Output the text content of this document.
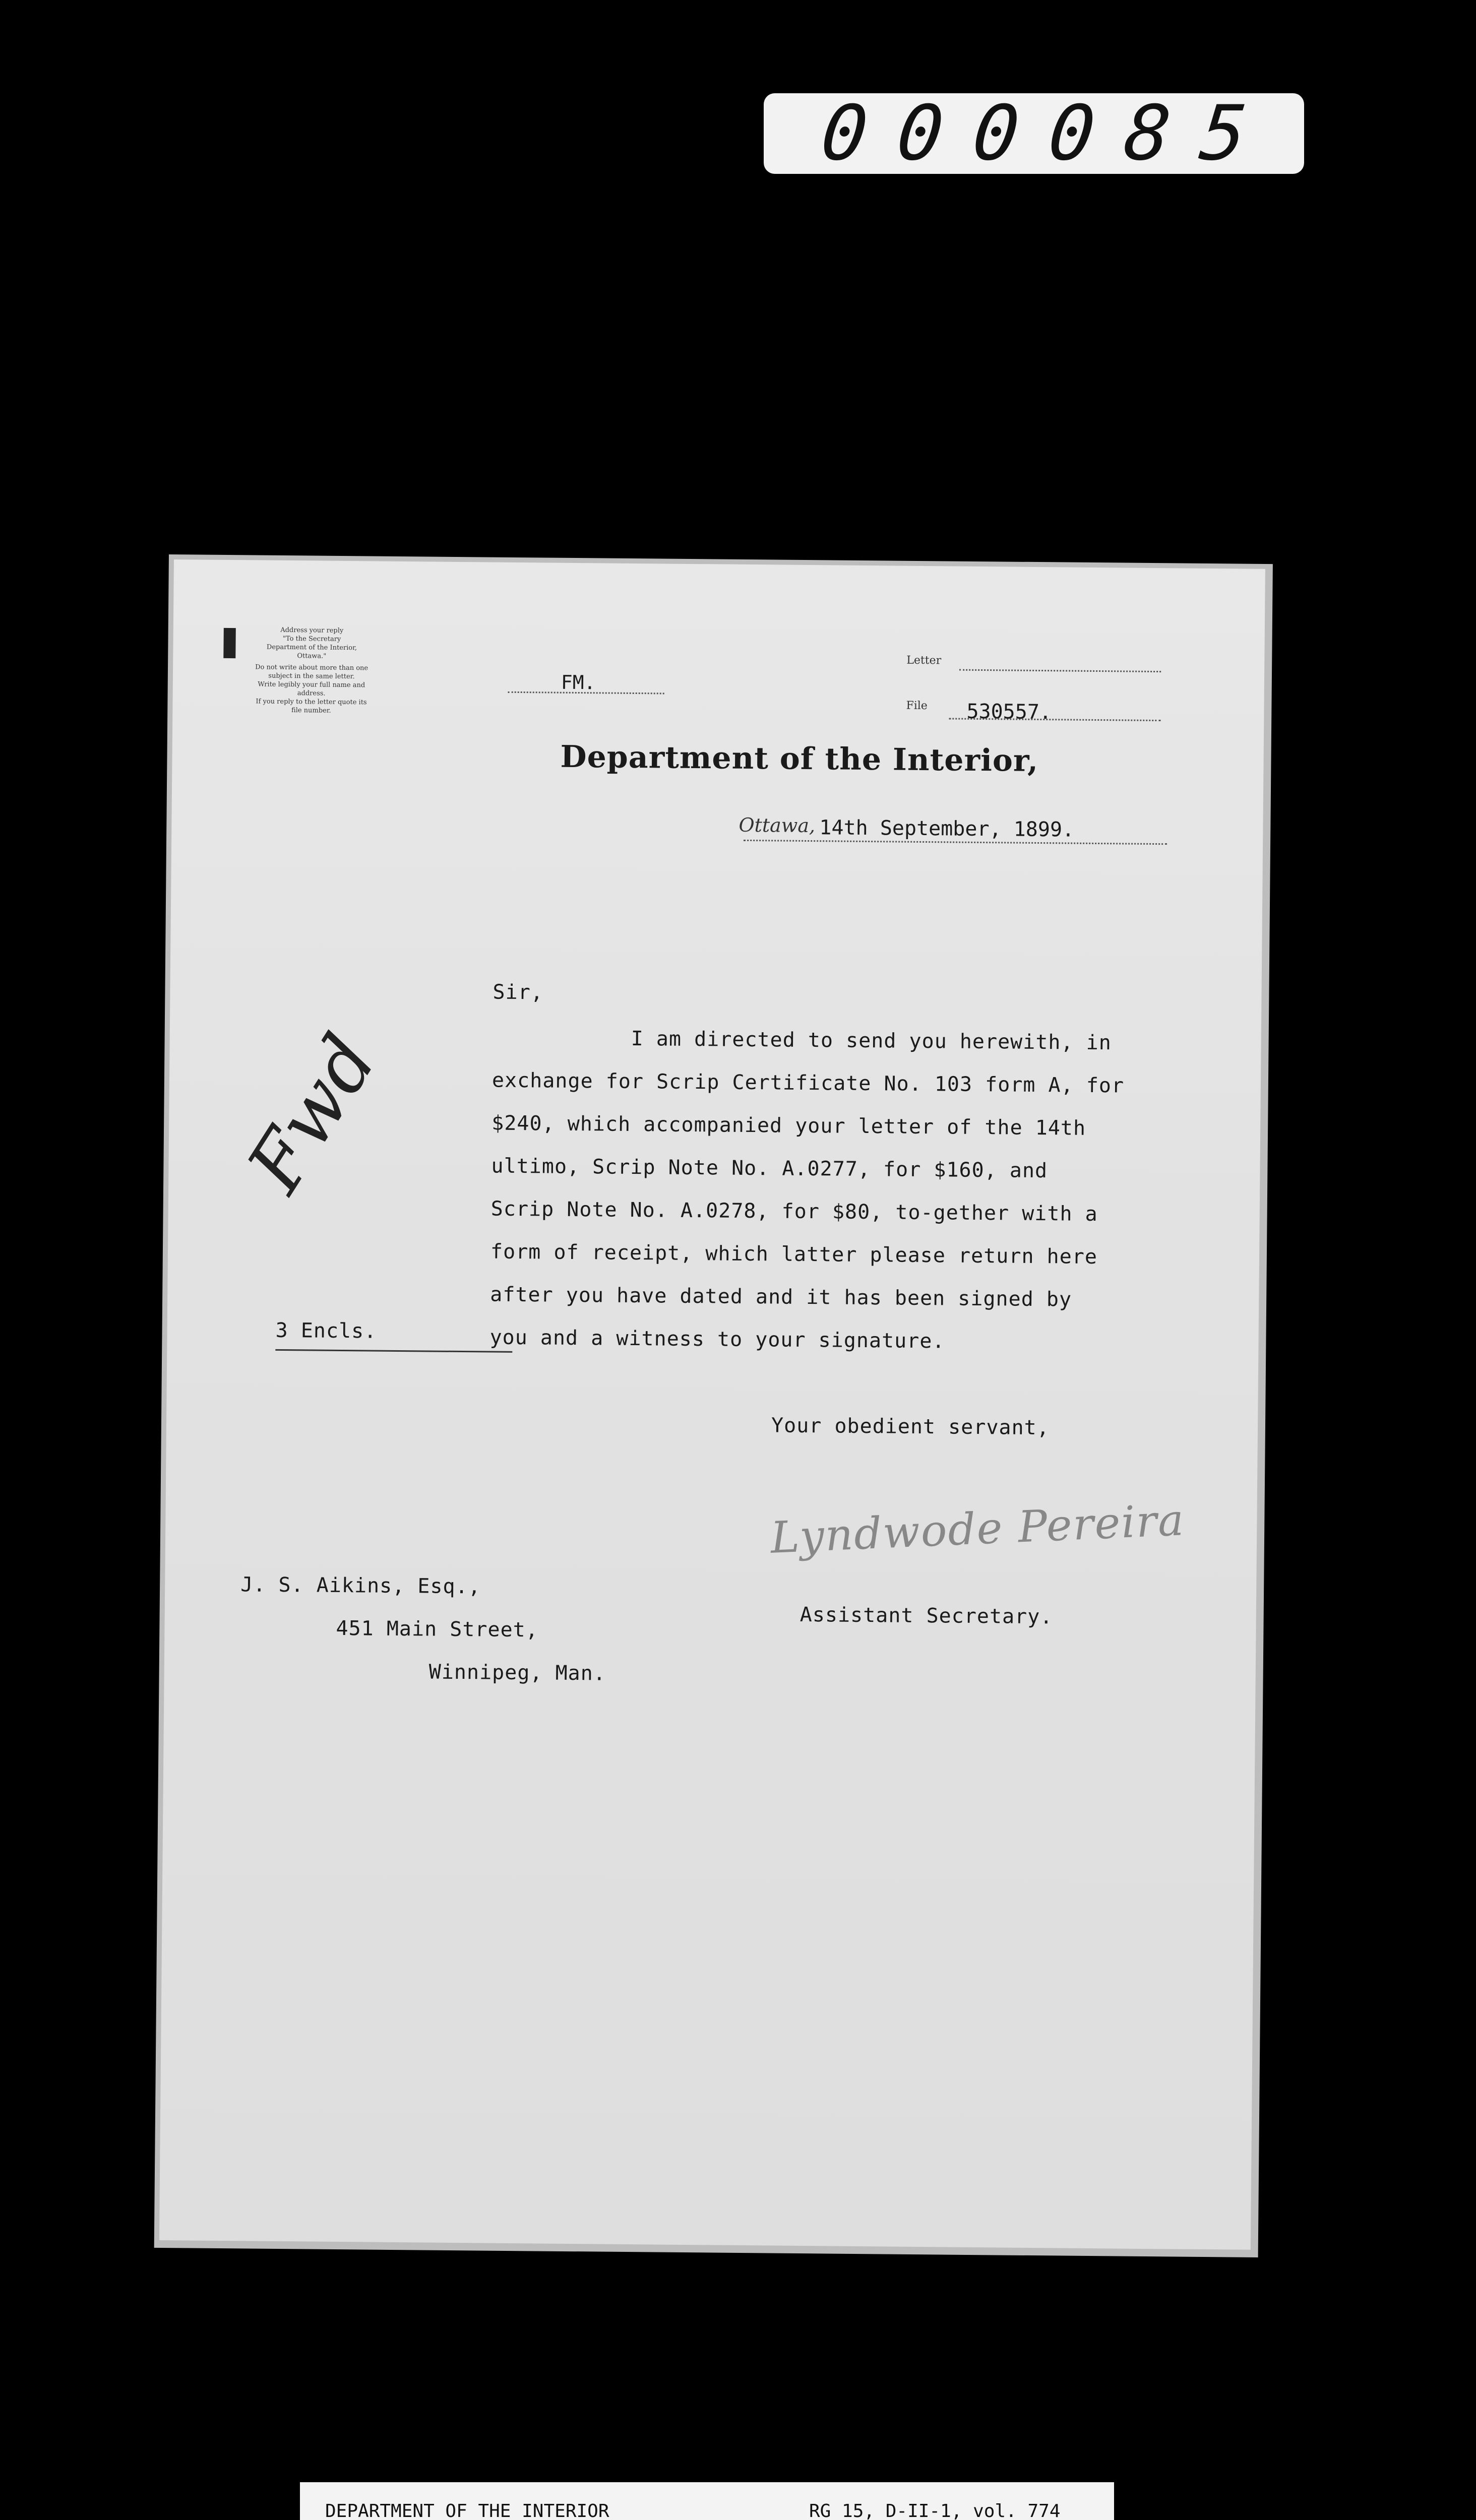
000085
Address your reply
"To the Secretary
Department of the Interior,
Ottawa."
Do not write about more than one
subject in the same letter.
Write legibly your full name and
address.
If you reply to the letter quote its
file number.
FM.
Letter
File 530557.
Department of the Interior,
Ottawa, 14th September, 1899.
Sir,
I am directed to send you herewith, in
exchange for Scrip Certificate No. 103 form A, for
$240, which accompanied your letter of the 14th
ultimo, Scrip Note No. A.0277, for $160, and
Scrip Note No. A.0278, for $80, to-gether with a
form of receipt, which latter please return here
after you have dated and it has been signed by
you and a witness to your signature.
Fwd
3 Encls.
Your obedient servant,
Lyndwode Pereira
Assistant Secretary.
J. S. Aikins, Esq.,
451 Main Street,
Winnipeg, Man.
DEPARTMENT OF THE INTERIOR	RG 15, D-II-1, vol. 774
